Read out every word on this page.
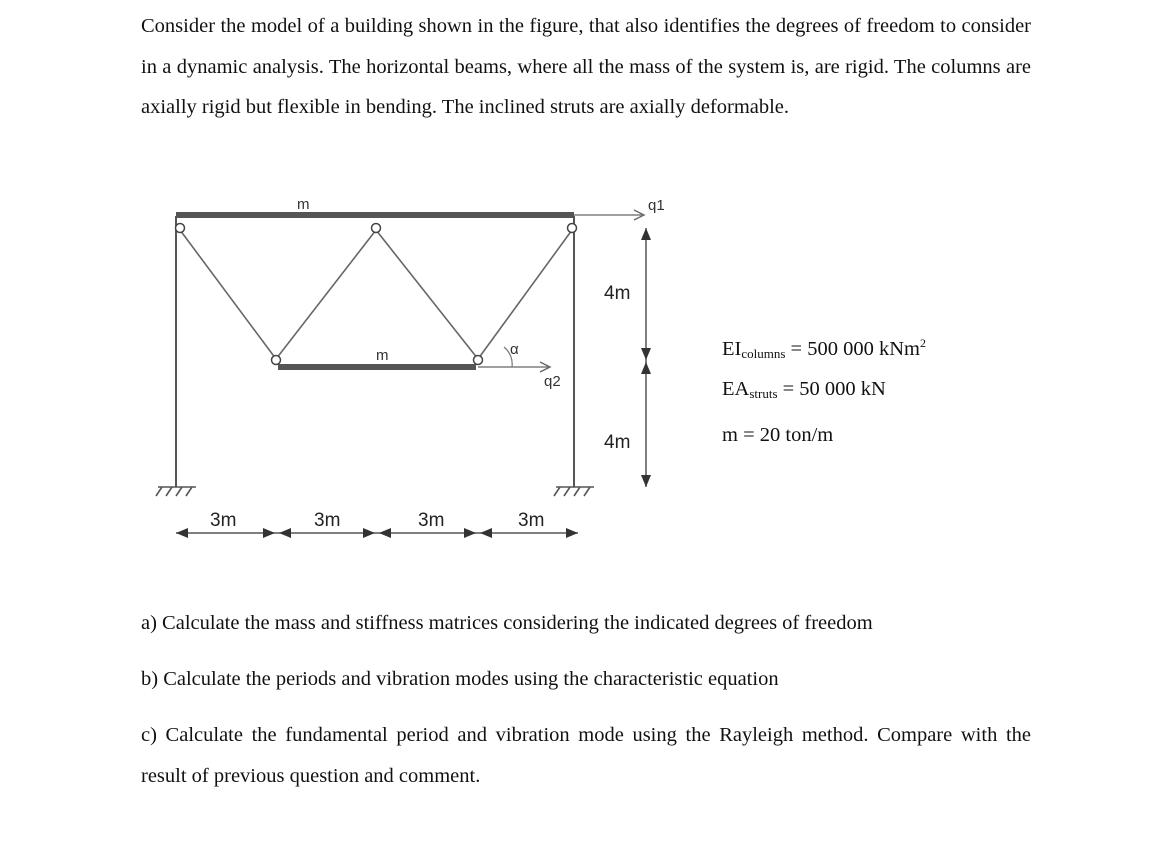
Consider the model of a building shown in the figure, that also identifies the degrees of freedom to consider in a dynamic analysis. The horizontal beams, where all the mass of the system is, are rigid. The columns are axially rigid but flexible in bending. The inclined struts are axially deformable.

m
m
q1
q2
α
4m
4m
3m	3m	3m	3m
$EI_{columns} = 500$ 000 kNm$^2$
$EA_{struts} = 50$ 000 kN
m = 20 ton/m

a) Calculate the mass and stiffness matrices considering the indicated degrees of freedom

b) Calculate the periods and vibration modes using the characteristic equation

c) Calculate the fundamental period and vibration mode using the Rayleigh method. Compare with the result of previous question and comment.
